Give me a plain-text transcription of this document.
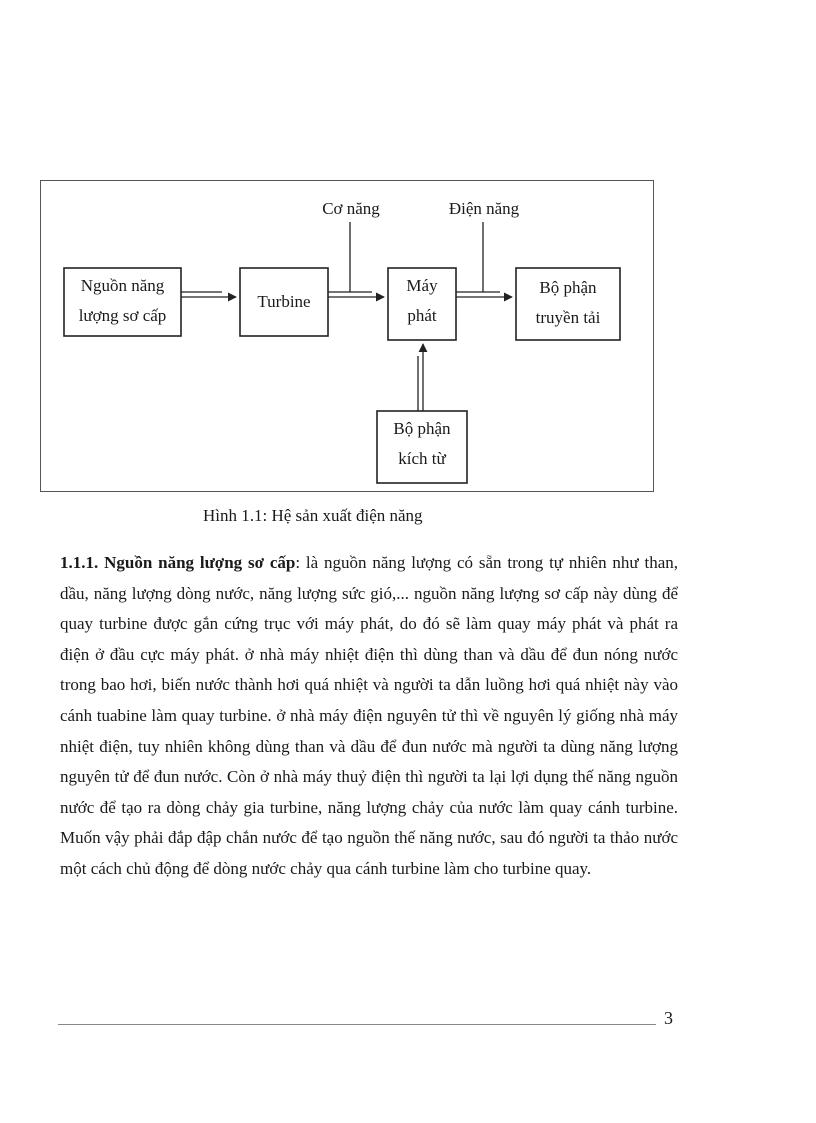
Nguồn năng
lượng sơ cấp
Turbine
Máy
phát
Bộ phận
truyền tải
Bộ phận
kích từ
Cơ năng	Điện năng
Hình 1.1: Hệ sản xuất điện năng

1.1.1. Nguồn năng lượng sơ cấp: là nguồn năng lượng có sẵn trong tự nhiên như than, dầu, năng lượng dòng nước, năng lượng sức gió,... nguồn năng lượng sơ cấp này dùng để quay turbine được gắn cứng trục với máy phát, do đó sẽ làm quay máy phát và phát ra điện ở đầu cực máy phát. ở nhà máy nhiệt điện thì dùng than và dầu để đun nóng nước trong bao hơi, biến nước thành hơi quá nhiệt và người ta dẫn luồng hơi quá nhiệt này vào cánh tuabine làm quay turbine. ở nhà máy điện nguyên tử thì về nguyên lý giống nhà máy nhiệt điện, tuy nhiên không dùng than và dầu để đun nước mà người ta dùng năng lượng nguyên tử để đun nước. Còn ở nhà máy thuỷ điện thì người ta lại lợi dụng thế năng nguồn nước để tạo ra dòng chảy gia turbine, năng lượng chảy của nước làm quay cánh turbine. Muốn vậy phải đắp đập chắn nước để tạo nguồn thế năng nước, sau đó người ta thảo nước một cách chủ động để dòng nước chảy qua cánh turbine làm cho turbine quay.

3
